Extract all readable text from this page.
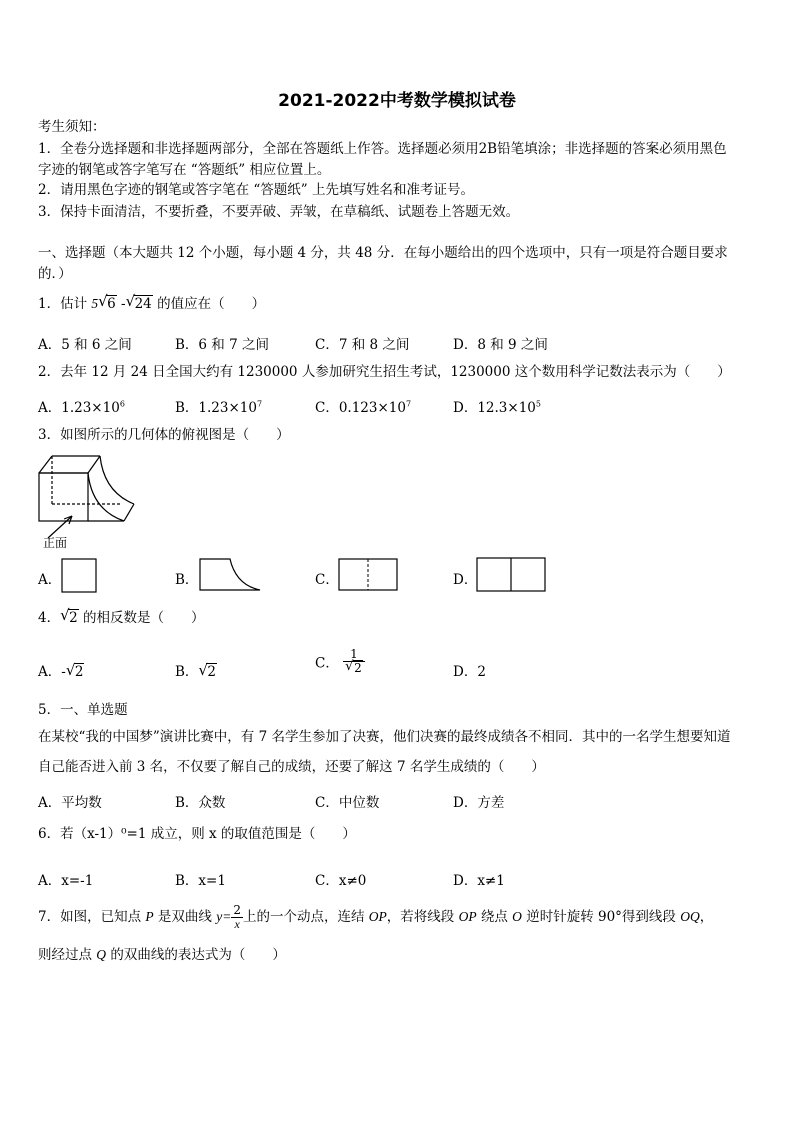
2021-2022中考数学模拟试卷
考生须知：
1．全卷分选择题和非选择题两部分，全部在答题纸上作答。选择题必须用2B铅笔填涂；非选择题的答案必须用黑色
字迹的钢笔或答字笔写在 “答题纸” 相应位置上。
2．请用黑色字迹的钢笔或答字笔在 “答题纸” 上先填写姓名和准考证号。
3．保持卡面清洁，不要折叠，不要弄破、弄皱，在草稿纸、试题卷上答题无效。
一、选择题（本大题共 12 个小题，每小题 4 分，共 48 分．在每小题给出的四个选项中，只有一项是符合题目要求
的．）
1．估计 5 √ 6 - √ 24 的值应在（　　）
A．5 和 6 之间	B．6 和 7 之间	C．7 和 8 之间	D．8 和 9 之间
2．去年 12 月 24 日全国大约有 1230000 人参加研究生招生考试，1230000 这个数用科学记数法表示为（　　）
A．$1.23\times 10^6$	B．$1.23\times 10^7$	C．$0.123\times 10^7$	D．$12.3\times 10^5$
3．如图所示的几何体的俯视图是（　　）
正面
A．	B．	C．	D．
4． √ 2 的相反数是（　　）
A．- √ 2	B． √ 2
C． $\frac{1}{√ 2}$	D．2
5．一、单选题
在某校“我的中国梦”演讲比赛中，有 7 名学生参加了决赛，他们决赛的最终成绩各不相同．其中的一名学生想要知道
自己能否进入前 3 名，不仅要了解自己的成绩，还要了解这 7 名学生成绩的（　　）
A．平均数	B．众数	C．中位数	D．方差
6．若（x-1）⁰=1 成立，则 x 的取值范围是（　　）
A．x=-1	B．x=1	C．x≠0	D．x≠1
7．如图，已知点 P 是双曲线 $y= \frac{2}{x}$ 上的一个动点，连结 OP，若将线段 OP 绕点 O 逆时针旋转 90°得到线段 OQ，
则经过点 Q 的双曲线的表达式为（　　）
